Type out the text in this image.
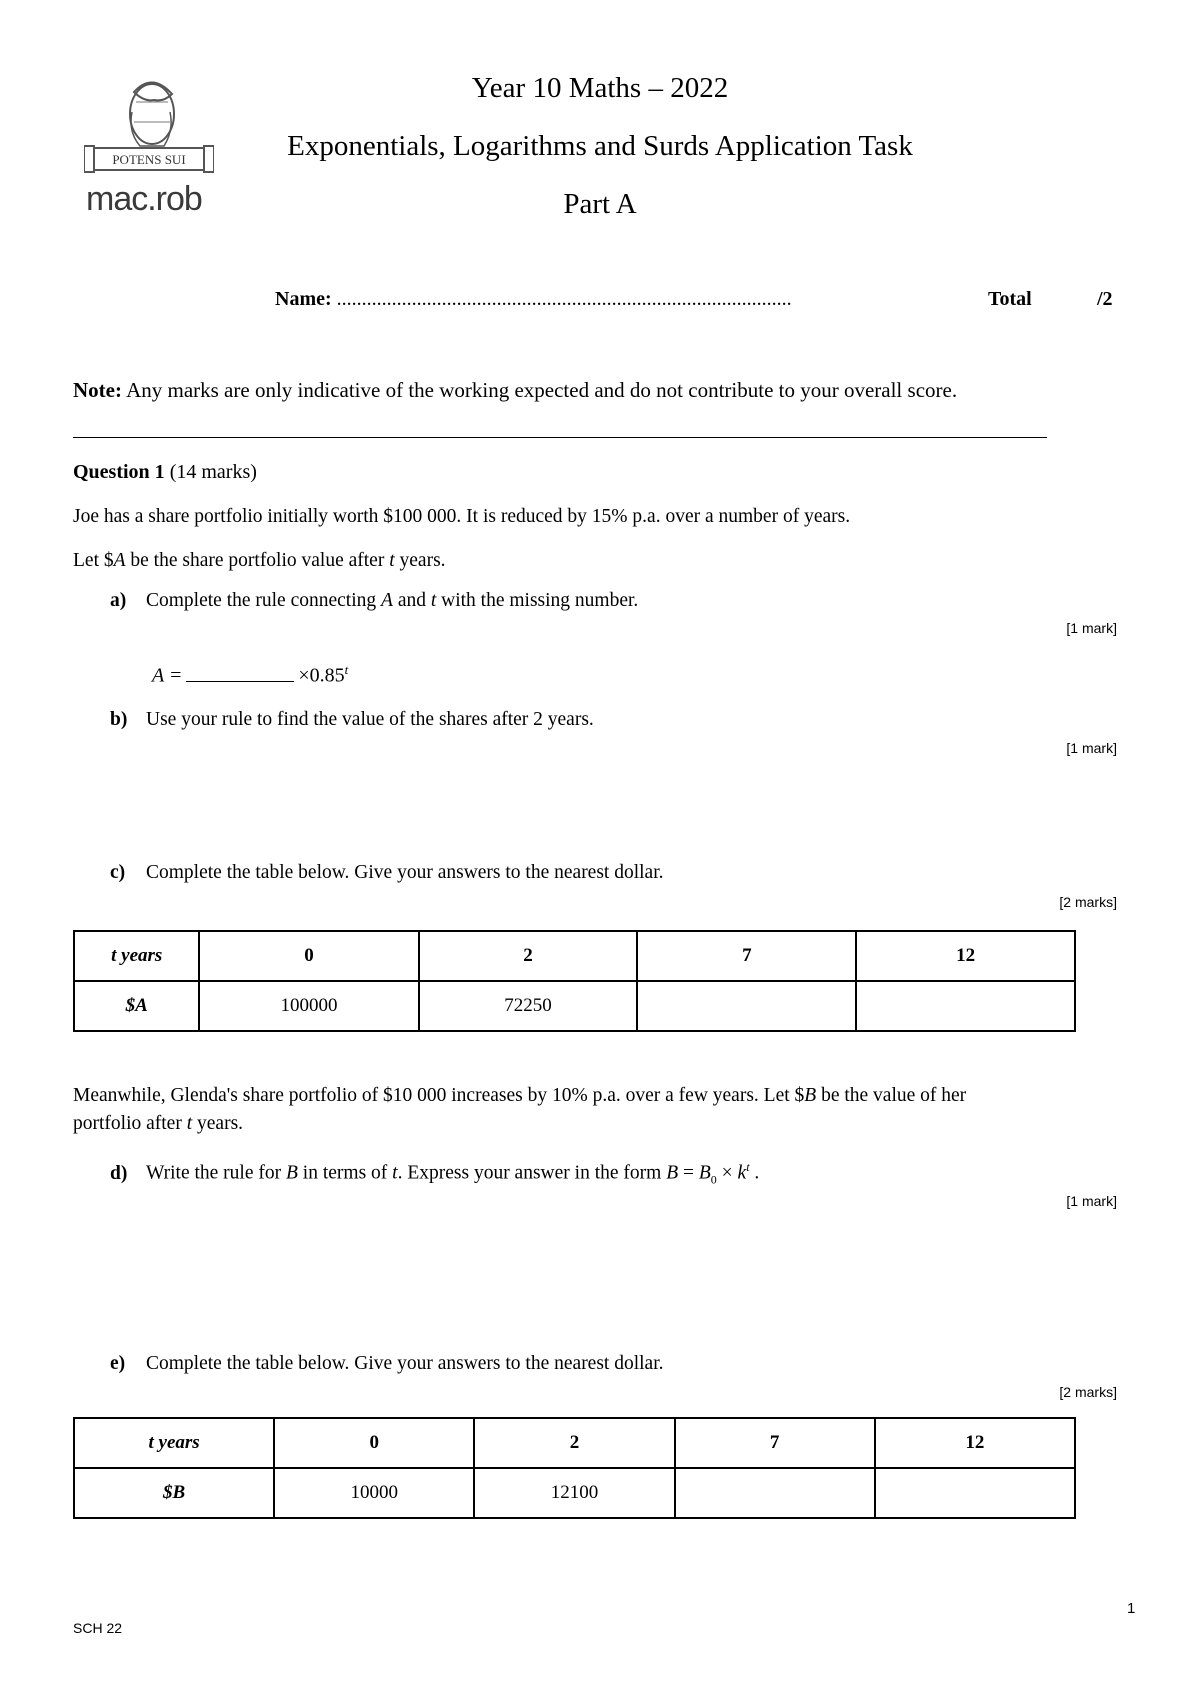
POTENS SUI
mac.rob
Year 10 Maths – 2022
Exponentials, Logarithms and Surds Application Task
Part A
Name: ...........................................................................................	Total	/2
Note: Any marks are only indicative of the working expected and do not contribute to your overall score.
Question 1 (14 marks)
Joe has a share portfolio initially worth $100 000. It is reduced by 15% p.a. over a number of years.
Let $A be the share portfolio value after t years.
a) Complete the rule connecting A and t with the missing number.
[1 mark]
A =	$\times 0.85^t$
b) Use your rule to find the value of the shares after 2 years.
[1 mark]
c) Complete the table below. Give your answers to the nearest dollar.
[2 marks]
t years	0	2	7	12
$A	100000	72250		
Meanwhile, Glenda's share portfolio of $10 000 increases by 10% p.a. over a few years. Let $B be the value of her
portfolio after t years.
d) Write the rule for B in terms of t. Express your answer in the form $B = B_0 \times k^t$ .
[1 mark]
e) Complete the table below. Give your answers to the nearest dollar.
[2 marks]
t years	0	2	7	12
$B	10000	12100		
1
SCH 22
